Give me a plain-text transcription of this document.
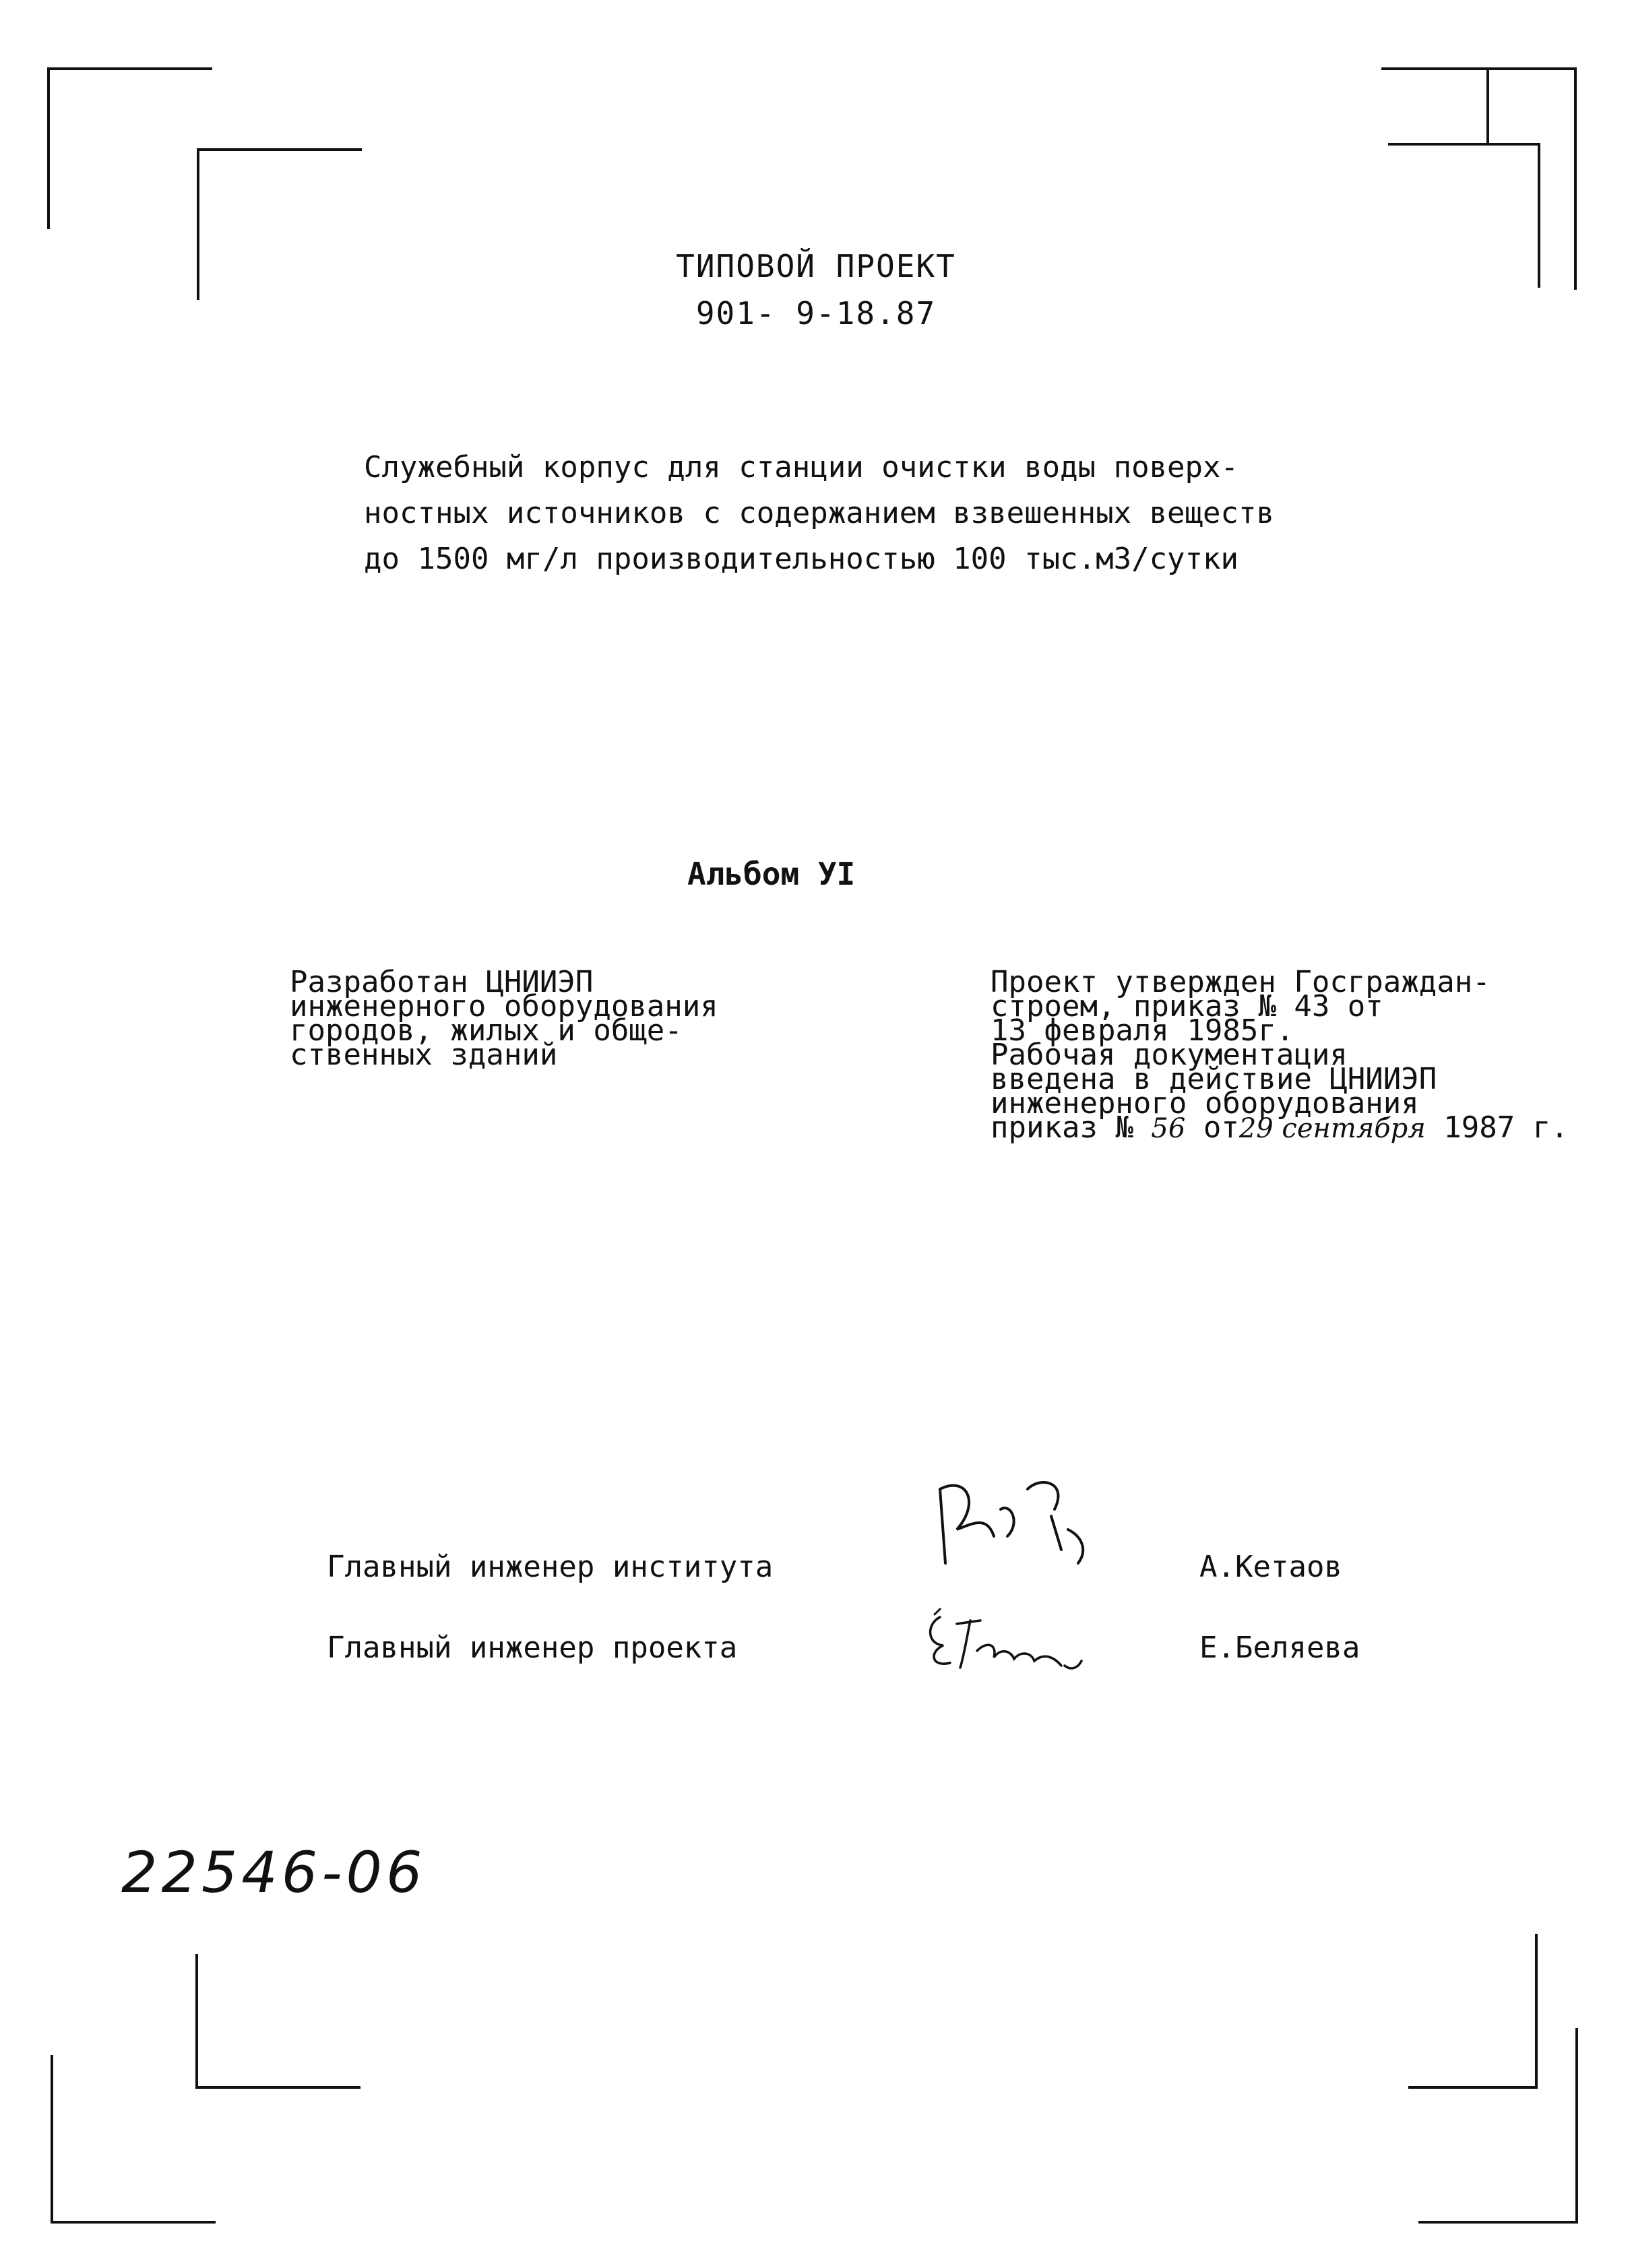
ТИПОВОЙ ПРОЕКТ
901- 9-18.87
Служебный корпус для станции очистки воды поверх-
ностных источников с содержанием взвешенных веществ
до 1500 мг/л производительностью 100 тыс.м3/сутки
Альбом УI
Разработан ЦНИИЭП
инженерного оборудования
городов, жилых и обще-
ственных зданий
Проект утвержден Госграждан-
строем, приказ № 43 от
13 февраля 1985г.
Рабочая документация
введена в действие ЦНИИЭП
инженерного оборудования
приказ № 56 от29 сентября 1987 г.
Главный инженер института	А.Кетаов
Главный инженер проекта	Е.Беляева
22546-06
